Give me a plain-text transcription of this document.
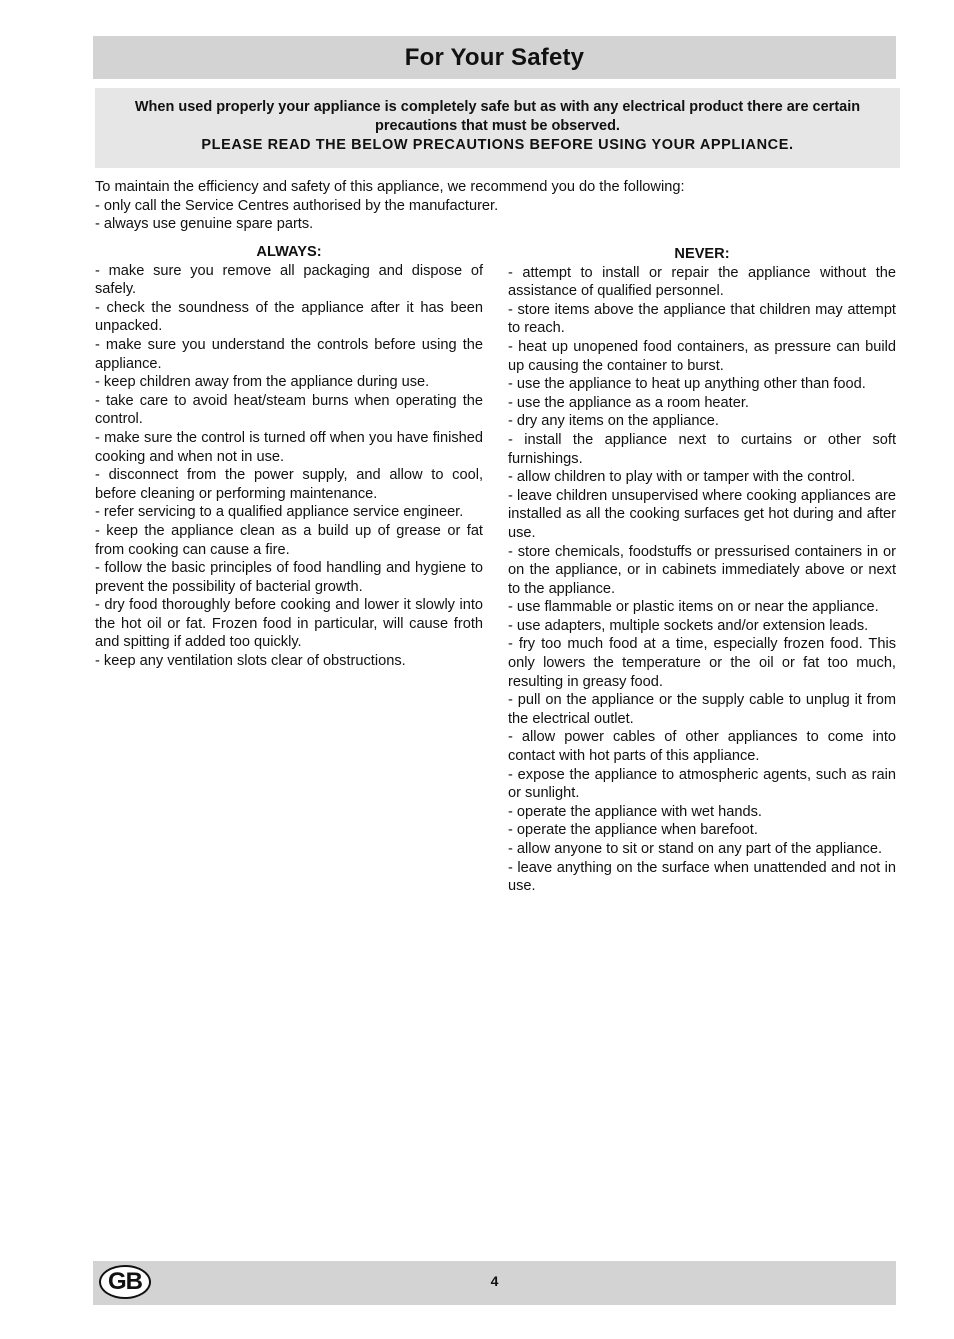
For Your Safety

When used properly your appliance is completely safe but as with any electrical product there are certain precautions that must be observed.

PLEASE READ THE BELOW PRECAUTIONS BEFORE USING YOUR APPLIANCE.

To maintain the efficiency and safety of this appliance, we recommend you do the following:

- only call the Service Centres authorised by the manufacturer.

- always use genuine spare parts.

ALWAYS:
- make sure you remove all packaging and dispose of safely.
- check the soundness of the appliance after it has been unpacked.
- make sure you understand the controls before using the appliance.
- keep children away from the appliance during use.
- take care to avoid heat/steam burns when operating the control.
- make sure the control is turned off when you have finished cooking and when not in use.
- disconnect from the power supply, and allow to cool, before cleaning or performing maintenance.
- refer servicing to a qualified appliance service engineer.
- keep the appliance clean as a build up of grease or fat from cooking can cause a fire.
- follow the basic principles of food handling and hygiene to prevent the possibility of bacterial growth.
- dry food thoroughly before cooking and lower it slowly into the hot oil or fat. Frozen food in particular, will cause froth and spitting if added too quickly.
- keep any ventilation slots clear of obstructions.
NEVER:
- attempt to install or repair the appliance without the assistance of qualified personnel.
- store items above the appliance that children may attempt to reach.
- heat up unopened food containers, as pressure can build up causing the container to burst.
- use the appliance to heat up anything other than food.
- use the appliance as a room heater.
- dry any items on the appliance.
- install the appliance next to curtains or other soft furnishings.
- allow children to play with or tamper with the control.
- leave children unsupervised where cooking appliances are installed as all the cooking surfaces get hot during and after use.
- store chemicals, foodstuffs or pressurised containers in or on the appliance, or in cabinets immediately above or next to the appliance.
- use flammable or plastic items on or near the appliance.
- use adapters, multiple sockets and/or extension leads.
- fry too much food at a time, especially frozen food. This only lowers the temperature or the oil or fat too much, resulting in greasy food.
- pull on the appliance or the supply cable to unplug it from the electrical outlet.
- allow power cables of other appliances to come into contact with hot parts of this appliance.
- expose the appliance to atmospheric agents, such as rain or sunlight.
- operate the appliance with wet hands.
- operate the appliance when barefoot.
- allow anyone to sit or stand on any part of the appliance.
- leave anything on the surface when unattended and not in use.
GB	4
